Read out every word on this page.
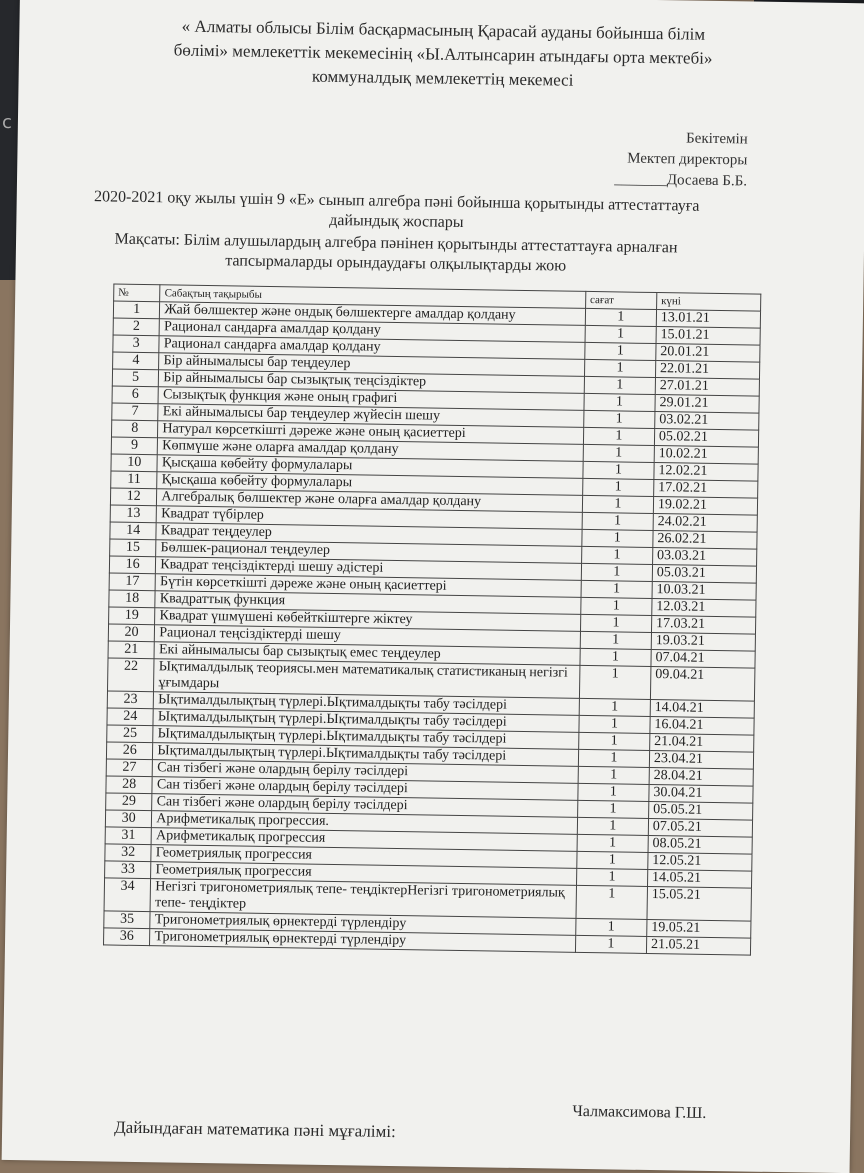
c
« Алматы облысы Білім басқармасының Қарасай ауданы бойынша білім
бөлімі» мемлекеттік мекемесінің «Ы.Алтынсарин атындағы орта мектебі»
коммуналдық мемлекеттің мекемесі
Бекітемін
Мектеп директоры
_______Досаева Б.Б.
2020-2021 оқу жылы үшін 9 «Е» сынып алгебра пәні бойынша қорытынды аттестаттауға дайындық жоспары
Мақсаты: Білім алушылардың алгебра пәнінен қорытынды аттестаттауға арналған тапсырмаларды орындаудағы олқылықтарды жою
№	Сабақтың тақырыбы	сағат	күні
1	Жай бөлшектер және ондық бөлшектерге амалдар қолдану	1	13.01.21
2	Рационал сандарға амалдар қолдану	1	15.01.21
3	Рационал сандарға амалдар қолдану	1	20.01.21
4	Бір айнымалысы бар теңдеулер	1	22.01.21
5	Бір айнымалысы бар сызықтық теңсіздіктер	1	27.01.21
6	Сызықтық функция және оның графигі	1	29.01.21
7	Екі айнымалысы бар теңдеулер жүйесін шешу	1	03.02.21
8	Натурал көрсеткішті дәреже және оның қасиеттері	1	05.02.21
9	Көпмүше және оларға амалдар қолдану	1	10.02.21
10	Қысқаша көбейту формулалары	1	12.02.21
11	Қысқаша көбейту формулалары	1	17.02.21
12	Алгебралық бөлшектер және оларға амалдар қолдану	1	19.02.21
13	Квадрат түбірлер	1	24.02.21
14	Квадрат теңдеулер	1	26.02.21
15	Бөлшек-рационал теңдеулер	1	03.03.21
16	Квадрат теңсіздіктерді шешу әдістері	1	05.03.21
17	Бүтін көрсеткішті дәреже және оның қасиеттері	1	10.03.21
18	Квадраттық функция	1	12.03.21
19	Квадрат үшмүшені көбейткіштерге жіктеу	1	17.03.21
20	Рационал теңсіздіктерді шешу	1	19.03.21
21	Екі айнымалысы бар сызықтық емес теңдеулер	1	07.04.21
22	Ықтималдылық теориясы.мен математикалық статистиканың негізгі ұғымдары	1	09.04.21
23	Ықтималдылықтың түрлері.Ықтималдықты табу тәсілдері	1	14.04.21
24	Ықтималдылықтың түрлері.Ықтималдықты табу тәсілдері	1	16.04.21
25	Ықтималдылықтың түрлері.Ықтималдықты табу тәсілдері	1	21.04.21
26	Ықтималдылықтың түрлері.Ықтималдықты табу тәсілдері	1	23.04.21
27	Сан тізбегі және олардың берілу тәсілдері	1	28.04.21
28	Сан тізбегі және олардың берілу тәсілдері	1	30.04.21
29	Сан тізбегі және олардың берілу тәсілдері	1	05.05.21
30	Арифметикалық прогрессия.	1	07.05.21
31	Арифметикалық прогрессия	1	08.05.21
32	Геометриялық прогрессия	1	12.05.21
33	Геометриялық прогрессия	1	14.05.21
34	Негізгі тригонометриялық тепе- теңдіктерНегізгі тригонометриялық тепе- теңдіктер	1	15.05.21
35	Тригонометриялық өрнектерді түрлендіру	1	19.05.21
36	Тригонометриялық өрнектерді түрлендіру	1	21.05.21
Дайындаған математика пәні мұғалімі:
Чалмаксимова Г.Ш.
